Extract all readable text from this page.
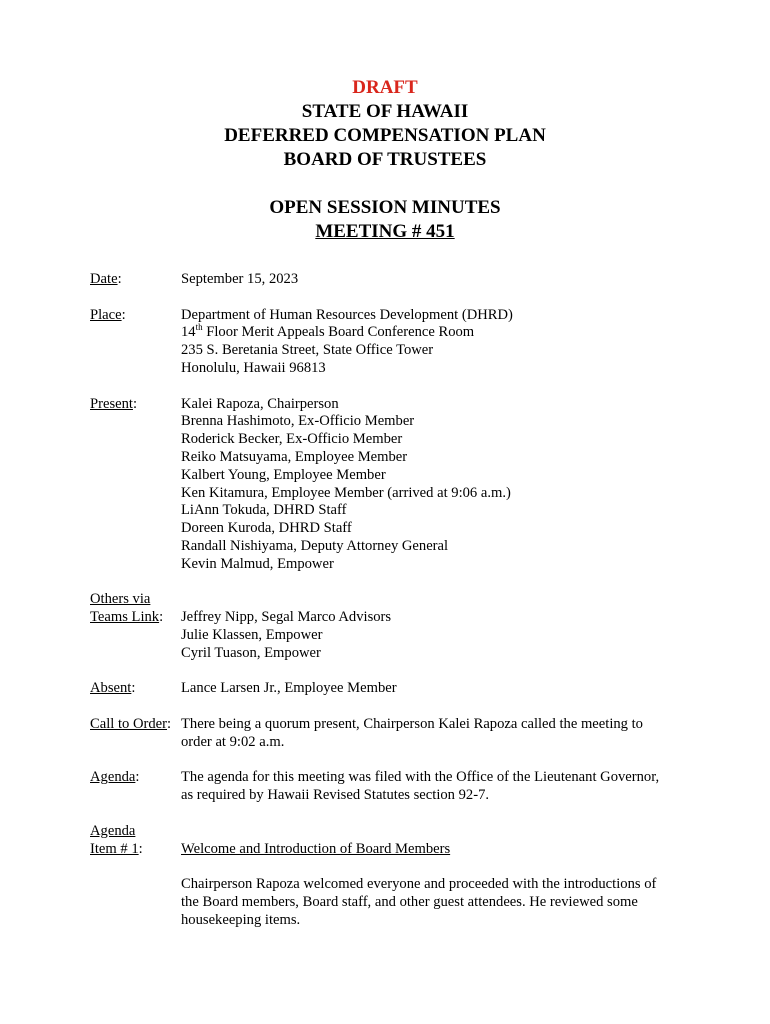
DRAFT
STATE OF HAWAII
DEFERRED COMPENSATION PLAN
BOARD OF TRUSTEES
OPEN SESSION MINUTES
MEETING # 451
Date:	September 15, 2023
Place:	Department of Human Resources Development (DHRD)
14th Floor Merit Appeals Board Conference Room
235 S. Beretania Street, State Office Tower
Honolulu, Hawaii 96813
Present:	Kalei Rapoza, Chairperson
Brenna Hashimoto, Ex-Officio Member
Roderick Becker, Ex-Officio Member
Reiko Matsuyama, Employee Member
Kalbert Young, Employee Member
Ken Kitamura, Employee Member (arrived at 9:06 a.m.)
LiAnn Tokuda, DHRD Staff
Doreen Kuroda, DHRD Staff
Randall Nishiyama, Deputy Attorney General
Kevin Malmud, Empower
Others via
Teams Link:	Jeffrey Nipp, Segal Marco Advisors
Julie Klassen, Empower
Cyril Tuason, Empower
Absent:	Lance Larsen Jr., Employee Member
Call to Order: There being a quorum present, Chairperson Kalei Rapoza called the meeting to
order at 9:02 a.m.
Agenda:	The agenda for this meeting was filed with the Office of the Lieutenant Governor,
as required by Hawaii Revised Statutes section 92-7.
Agenda
Item # 1:	Welcome and Introduction of Board Members
Chairperson Rapoza welcomed everyone and proceeded with the introductions of
the Board members, Board staff, and other guest attendees. He reviewed some
housekeeping items.
